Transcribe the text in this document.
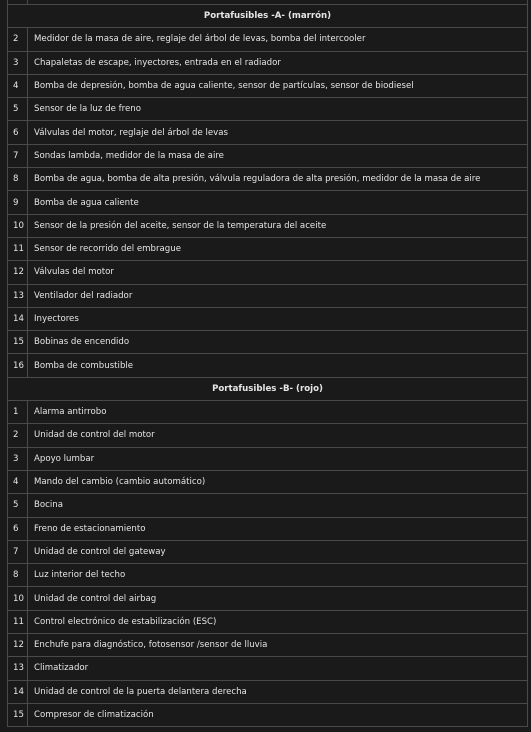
Portafusibles -A- (marrón)	
2	Medidor de la masa de aire, reglaje del árbol de levas, bomba del intercooler
3	Chapaletas de escape, inyectores, entrada en el radiador
4	Bomba de depresión, bomba de agua caliente, sensor de partículas, sensor de biodiesel
5	Sensor de la luz de freno
6	Válvulas del motor, reglaje del árbol de levas
7	Sondas lambda, medidor de la masa de aire
8	Bomba de agua, bomba de alta presión, válvula reguladora de alta presión, medidor de la masa de aire
9	Bomba de agua caliente
10	Sensor de la presión del aceite, sensor de la temperatura del aceite
11	Sensor de recorrido del embrague
12	Válvulas del motor
13	Ventilador del radiador
14	Inyectores
15	Bobinas de encendido
16	Bomba de combustible
Portafusibles -B- (rojo)	
1	Alarma antirrobo
2	Unidad de control del motor
3	Apoyo lumbar
4	Mando del cambio (cambio automático)
5	Bocina
6	Freno de estacionamiento
7	Unidad de control del gateway
8	Luz interior del techo
10	Unidad de control del airbag
11	Control electrónico de estabilización (ESC)
12	Enchufe para diagnóstico, fotosensor /sensor de lluvia
13	Climatizador
14	Unidad de control de la puerta delantera derecha
15	Compresor de climatización
